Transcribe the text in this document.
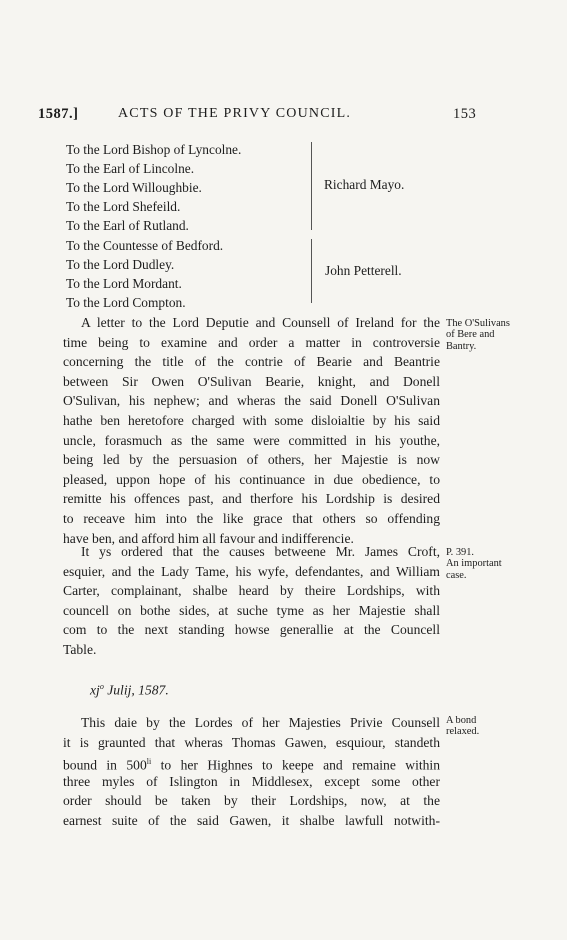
1587.]	ACTS OF THE PRIVY COUNCIL.	153
To the Lord Bishop of Lyncolne.
To the Earl of Lincolne.
To the Lord Willoughbie.
To the Lord Shefeild.
To the Earl of Rutland.
Richard Mayo.
To the Countesse of Bedford.
To the Lord Dudley.
To the Lord Mordant.
To the Lord Compton.
John Petterell.
A letter to the Lord Deputie and Counsell of Ireland for the
time being to examine and order a matter in controversie
concerning the title of the contrie of Bearie and Beantrie
between Sir Owen O'Sulivan Bearie, knight, and Donell
O'Sulivan, his nephew; and wheras the said Donell O'Sulivan
hathe ben heretofore charged with some disloialtie by his said
uncle, forasmuch as the same were committed in his youthe,
being led by the persuasion of others, her Majestie is now
pleased, uppon hope of his continuance in due obedience, to
remitte his offences past, and therfore his Lordship is desired
to receave him into the like grace that others so offending
have ben, and afford him all favour and indifferencie.
The O'Sulivans
of Bere and
Bantry.
It ys ordered that the causes betweene Mr. James Croft,
esquier, and the Lady Tame, his wyfe, defendantes, and William
Carter, complainant, shalbe heard by theire Lordships, with
councell on bothe sides, at suche tyme as her Majestie shall
com to the next standing howse generallie at the Councell
Table.
P. 391.
An important
case.
$xj^o$ Julij, 1587.
This daie by the Lordes of her Majesties Privie Counsell
it is graunted that wheras Thomas Gawen, esquiour, standeth
bound in $500^{li}$ to her Highnes to keepe and remaine within
three myles of Islington in Middlesex, except some other
order should be taken by their Lordships, now, at the
earnest suite of the said Gawen, it shalbe lawfull notwith-
A bond
relaxed.
